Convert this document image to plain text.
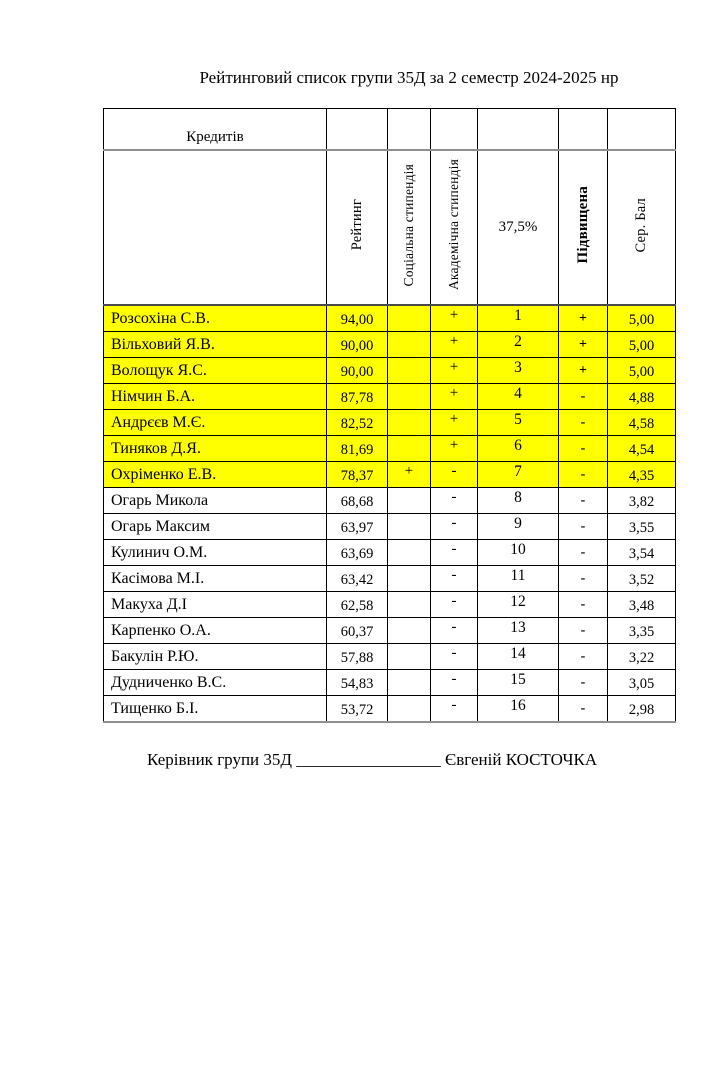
Рейтинговий список групи 35Д за 2 семестр 2024-2025 нр
Кредитів						
	Рейтинг	Соціальна стипендія	Академічна стипендія	37,5%	Підвищена	Сер. Бал
Розсохіна С.В.	94,00		+	1	+	5,00
Вільховий Я.В.	90,00		+	2	+	5,00
Волощук Я.С.	90,00		+	3	+	5,00
Німчин Б.А.	87,78		+	4	-	4,88
Андрєєв М.Є.	82,52		+	5	-	4,58
Тиняков Д.Я.	81,69		+	6	-	4,54
Охріменко Е.В.	78,37	+	-	7	-	4,35
Огарь Микола	68,68		-	8	-	3,82
Огарь Максим	63,97		-	9	-	3,55
Кулинич О.М.	63,69		-	10	-	3,54
Касімова М.І.	63,42		-	11	-	3,52
Макуха Д.І	62,58		-	12	-	3,48
Карпенко О.А.	60,37		-	13	-	3,35
Бакулін Р.Ю.	57,88		-	14	-	3,22
Дудниченко В.С.	54,83		-	15	-	3,05
Тищенко Б.І.	53,72		-	16	-	2,98
Керівник групи 35Д _________________ Євгеній КОСТОЧКА
